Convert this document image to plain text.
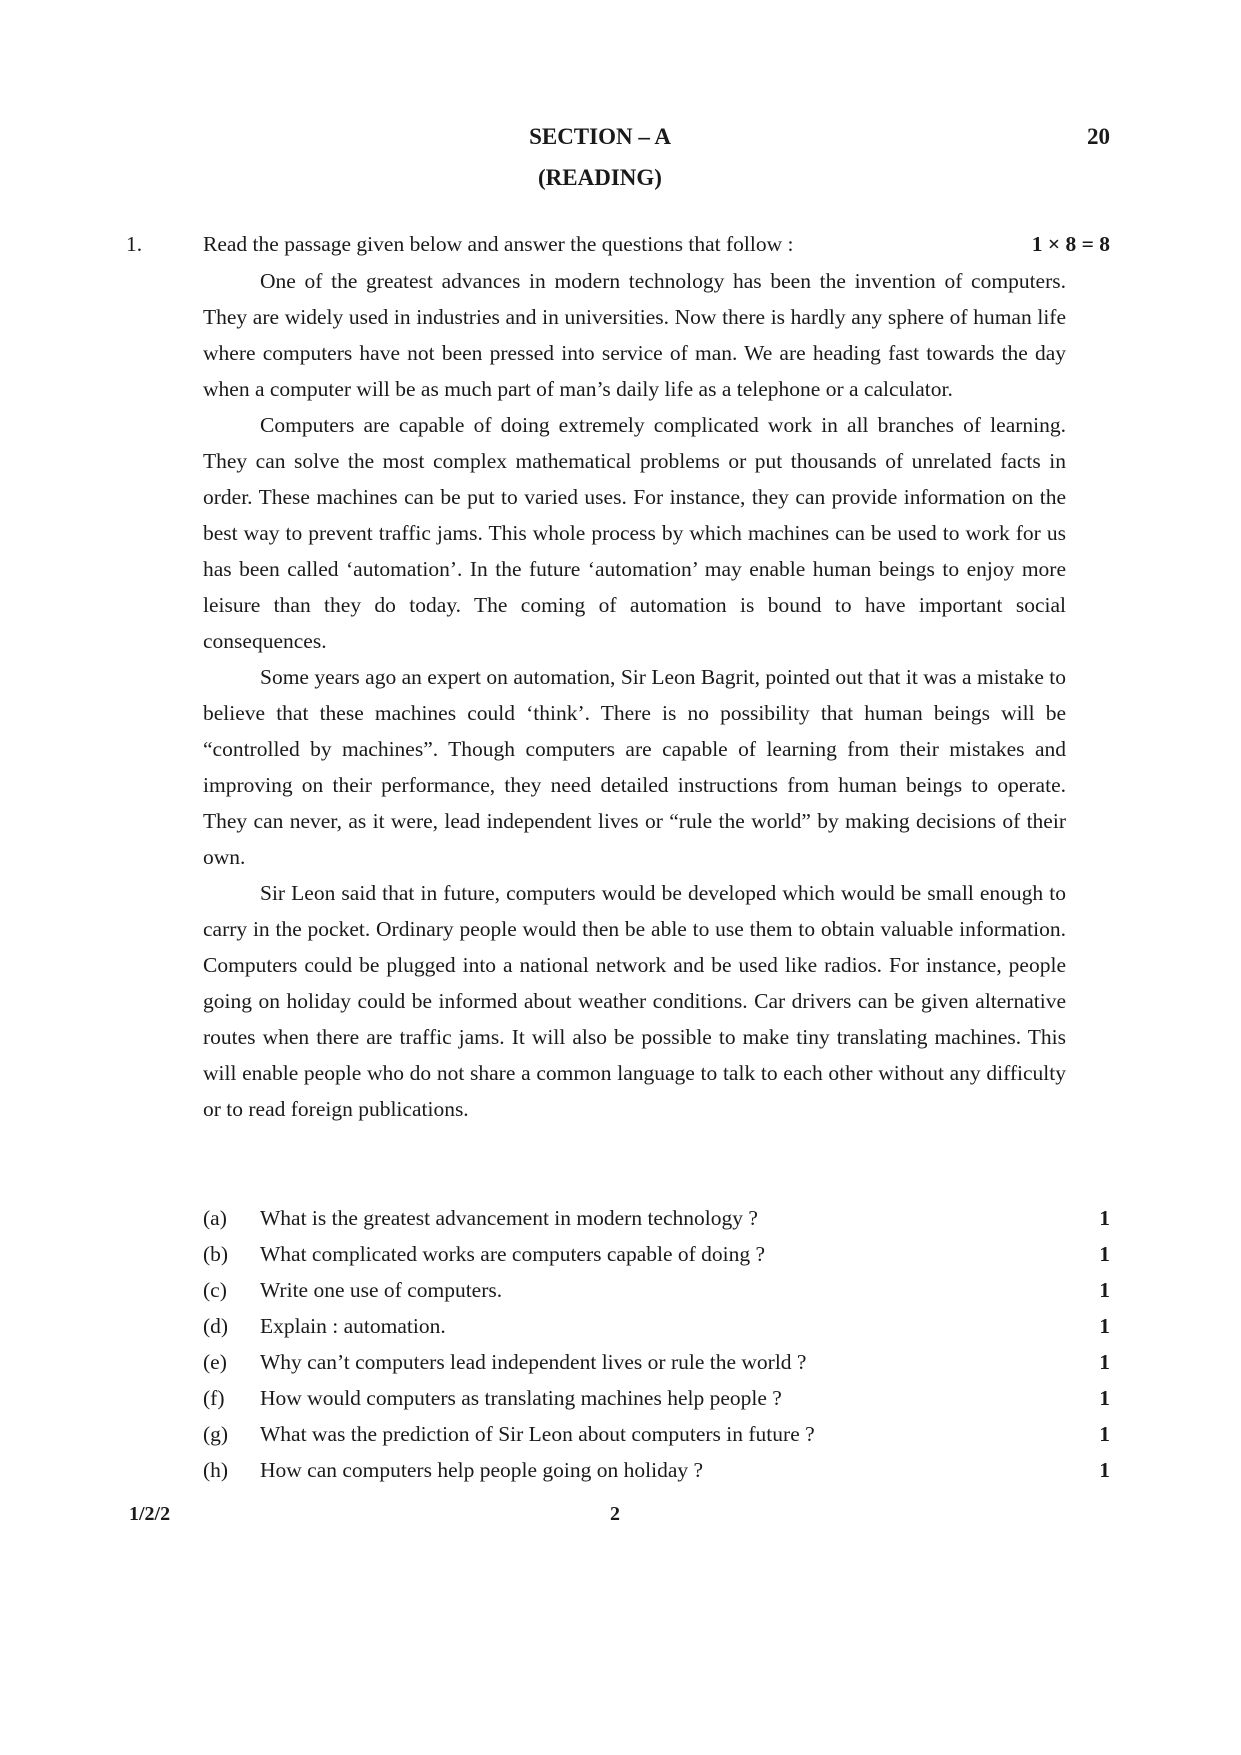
SECTION – A
(READING)
20
1.	Read the passage given below and answer the questions that follow :	1 × 8 = 8

One of the greatest advances in modern technology has been the invention of computers. They are widely used in industries and in universities. Now there is hardly any sphere of human life where computers have not been pressed into service of man. We are heading fast towards the day when a computer will be as much part of man’s daily life as a telephone or a calculator.

Computers are capable of doing extremely complicated work in all branches of learning. They can solve the most complex mathematical problems or put thousands of unrelated facts in order. These machines can be put to varied uses. For instance, they can provide information on the best way to prevent traffic jams. This whole process by which machines can be used to work for us has been called ‘automation’. In the future ‘automation’ may enable human beings to enjoy more leisure than they do today. The coming of automation is bound to have important social consequences.

Some years ago an expert on automation, Sir Leon Bagrit, pointed out that it was a mistake to believe that these machines could ‘think’. There is no possibility that human beings will be “controlled by machines”. Though computers are capable of learning from their mistakes and improving on their performance, they need detailed instructions from human beings to operate. They can never, as it were, lead independent lives or “rule the world” by making decisions of their own.

Sir Leon said that in future, computers would be developed which would be small enough to carry in the pocket. Ordinary people would then be able to use them to obtain valuable information. Computers could be plugged into a national network and be used like radios. For instance, people going on holiday could be informed about weather conditions. Car drivers can be given alternative routes when there are traffic jams. It will also be possible to make tiny translating machines. This will enable people who do not share a common language to talk to each other without any difficulty or to read foreign publications.

(a) What is the greatest advancement in modern technology ?	1
(b) What complicated works are computers capable of doing ?	1
(c) Write one use of computers.	1
(d) Explain : automation.	1
(e) Why can’t computers lead independent lives or rule the world ?	1
(f) How would computers as translating machines help people ?	1
(g) What was the prediction of Sir Leon about computers in future ?	1
(h) How can computers help people going on holiday ?	1
1/2/2	2
